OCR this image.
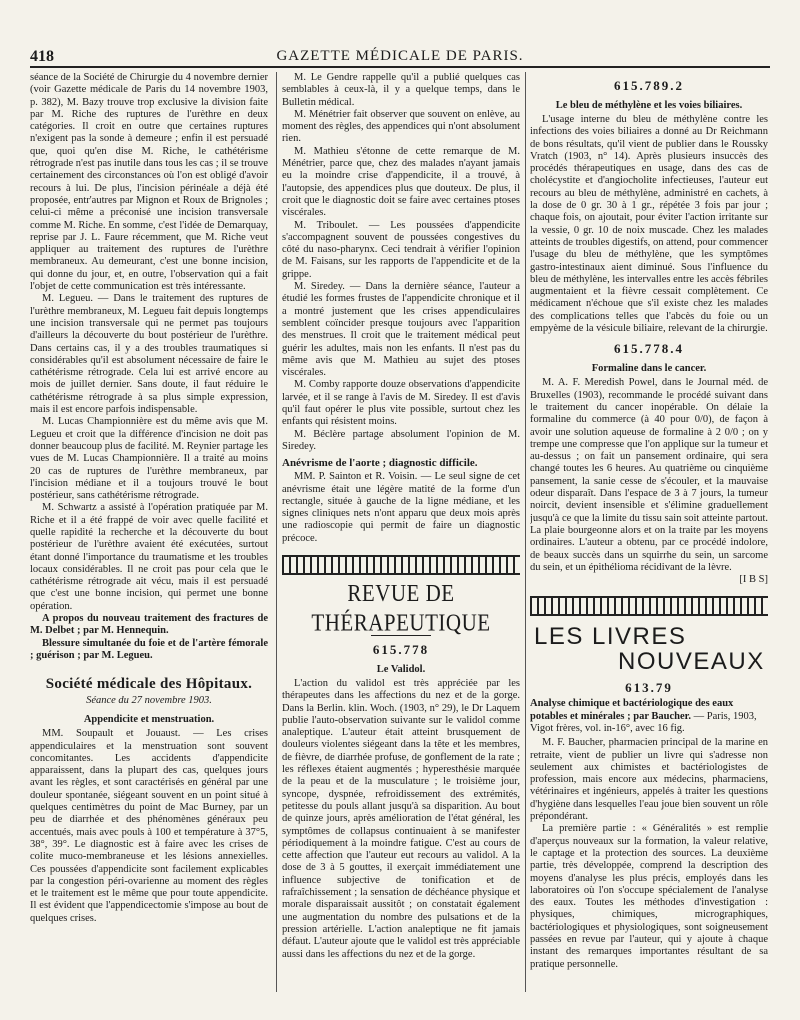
418	GAZETTE MÉDICALE DE PARIS.

séance de la Société de Chirurgie du 4 novembre dernier (voir Gazette médicale de Paris du 14 novembre 1903, p. 382), M. Bazy trouve trop exclusive la division faite par M. Riche des ruptures de l'urèthre en deux catégories. Il croit en outre que certaines ruptures n'exigent pas la sonde à demeure ; enfin il est persuadé que, quoi qu'en dise M. Riche, le cathétérisme rétrograde n'est pas inutile dans tous les cas ; il se trouve certainement des circonstances où l'on est obligé d'avoir recours à lui. De plus, l'incision périnéale a déjà été proposée, entr'autres par Mignon et Roux de Brignoles ; celui-ci même a préconisé une incision transversale comme M. Riche. En somme, c'est l'idée de Demarquay, reprise par J. L. Faure récemment, que M. Riche veut appliquer au traitement des ruptures de l'urèthre membraneux. Au demeurant, c'est une bonne incision, qui donne du jour, et, en outre, l'observation qui a fait l'objet de cette communication est très intéressante.

M. Legueu. — Dans le traitement des ruptures de l'urèthre membraneux, M. Legueu fait depuis longtemps une incision transversale qui ne permet pas toujours d'ailleurs la découverte du bout postérieur de l'urèthre. Dans certains cas, il y a des troubles traumatiques si considérables qu'il est absolument nécessaire de faire le cathétérisme rétrograde. Cela lui est arrivé encore au mois de juillet dernier. Sans doute, il faut réduire le cathétérisme rétrograde à sa plus simple expression, mais il est encore parfois indispensable.

M. Lucas Championnière est du même avis que M. Legueu et croit que la différence d'incision ne doit pas donner beaucoup plus de facilité. M. Reynier partage les vues de M. Lucas Championnière. Il a traité au moins 20 cas de ruptures de l'urèthre membraneux, par l'incision médiane et il a toujours trouvé le bout postérieur, sans cathétérisme rétrograde.

M. Schwartz a assisté à l'opération pratiquée par M. Riche et il a été frappé de voir avec quelle facilité et quelle rapidité la recherche et la découverte du bout postérieur de l'urèthre avaient été exécutées, surtout étant donné l'importance du traumatisme et les troubles locaux considérables. Il ne croit pas pour cela que le cathétérisme rétrograde ait vécu, mais il est persuadé que c'est une bonne incision, qui permet une bonne opération.

A propos du nouveau traitement des fractures de M. Delbet ; par M. Hennequin.

Blessure simultanée du foie et de l'artère fémorale ; guérison ; par M. Legueu.

Société médicale des Hôpitaux.
Séance du 27 novembre 1903.
Appendicite et menstruation.

MM. Soupault et Jouaust. — Les crises appendiculaires et la menstruation sont souvent concomitantes. Les accidents d'appendicite apparaissent, dans la plupart des cas, quelques jours avant les règles, et sont caractérisés en général par une douleur spontanée, siégeant souvent en un point situé à quelques centimètres du point de Mac Burney, par un peu de diarrhée et des phénomènes généraux peu accentués, mais avec pouls à 100 et température à 37°5, 38°, 39°. Le diagnostic est à faire avec les crises de colite muco-membraneuse et les lésions annexielles. Ces poussées d'appendicite sont facilement explicables par la congestion péri-ovarienne au moment des règles et le traitement est le même que pour toute appendicite. Il est évident que l'appendicectomie s'impose au bout de quelques crises.

M. Le Gendre rappelle qu'il a publié quelques cas semblables à ceux-là, il y a quelque temps, dans le Bulletin médical.

M. Ménétrier fait observer que souvent on enlève, au moment des règles, des appendices qui n'ont absolument rien.

M. Mathieu s'étonne de cette remarque de M. Ménétrier, parce que, chez des malades n'ayant jamais eu la moindre crise d'appendicite, il a trouvé, à l'autopsie, des appendices plus que douteux. De plus, il croit que le diagnostic doit se faire avec certaines ptoses viscérales.

M. Triboulet. — Les poussées d'appendicite s'accompagnent souvent de poussées congestives du côté du naso-pharynx. Ceci tendrait à vérifier l'opinion de M. Faisans, sur les rapports de l'appendicite et de la grippe.

M. Siredey. — Dans la dernière séance, l'auteur a étudié les formes frustes de l'appendicite chronique et il a montré justement que les crises appendiculaires semblent coïncider presque toujours avec l'apparition des menstrues. Il croit que le traitement médical peut guérir les adultes, mais non les enfants. Il n'est pas du même avis que M. Mathieu au sujet des ptoses viscérales.

M. Comby rapporte douze observations d'appendicite larvée, et il se range à l'avis de M. Siredey. Il est d'avis qu'il faut opérer le plus vite possible, surtout chez les enfants qui résistent moins.

M. Béclère partage absolument l'opinion de M. Siredey.

Anévrisme de l'aorte ; diagnostic difficile.

MM. P. Sainton et R. Voisin. — Le seul signe de cet anévrisme était une légère matité de la forme d'un rectangle, située à gauche de la ligne médiane, et les signes cliniques nets n'ont apparu que deux mois après une radioscopie qui permit de faire un diagnostic précoce.

REVUE DE THÉRAPEUTIQUE
615.778
Le Validol.

L'action du validol est très appréciée par les thérapeutes dans les affections du nez et de la gorge. Dans la Berlin. klin. Woch. (1903, n° 29), le Dr Laquem publie l'auto-observation suivante sur le validol comme analeptique. L'auteur était atteint brusquement de douleurs violentes siégeant dans la tête et les membres, de fièvre, de diarrhée profuse, de gonflement de la rate ; les réflexes étaient augmentés ; hyperesthésie marquée de la peau et de la musculature ; le troisième jour, syncope, dyspnée, refroidissement des extrémités, petitesse du pouls allant jusqu'à sa disparition. Au bout de quinze jours, après amélioration de l'état général, les symptômes de collapsus continuaient à se manifester périodiquement à la moindre fatigue. C'est au cours de cette affection que l'auteur eut recours au validol. A la dose de 3 à 5 gouttes, il exerçait immédiatement une influence subjective de tonification et de rafraîchissement ; la sensation de déchéance physique et morale disparaissait aussitôt ; on constatait également une augmentation du nombre des pulsations et de la pression artérielle. L'action analeptique ne fit jamais défaut. L'auteur ajoute que le validol est très appréciable aussi dans les affections du nez et de la gorge.

615.789.2
Le bleu de méthylène et les voies biliaires.

L'usage interne du bleu de méthylène contre les infections des voies biliaires a donné au Dr Reichmann de bons résultats, qu'il vient de publier dans le Roussky Vratch (1903, n° 14). Après plusieurs insuccès des procédés thérapeutiques en usage, dans des cas de cholécystite et d'angiocholite infectieuses, l'auteur eut recours au bleu de méthylène, administré en cachets, à la dose de 0 gr. 30 à 1 gr., répétée 3 fois par jour ; chaque fois, on ajoutait, pour éviter l'action irritante sur la vessie, 0 gr. 10 de noix muscade. Chez les malades atteints de troubles digestifs, on attend, pour commencer l'usage du bleu de méthylène, que les symptômes gastro-intestinaux aient diminué. Sous l'influence du bleu de méthylène, les intervalles entre les accès fébriles augmentaient et la fièvre cessait complètement. Ce médicament n'échoue que s'il existe chez les malades des complications telles que l'abcès du foie ou un empyème de la vésicule biliaire, relevant de la chirurgie.

615.778.4
Formaline dans le cancer.

M. A. F. Meredish Powel, dans le Journal méd. de Bruxelles (1903), recommande le procédé suivant dans le traitement du cancer inopérable. On délaie la formaline du commerce (à 40 pour 0/0), de façon à avoir une solution aqueuse de formaline à 2 0/0 ; on y trempe une compresse que l'on applique sur la tumeur et au-dessus ; on fait un pansement ordinaire, qui sera changé toutes les 6 heures. Au quatrième ou cinquième pansement, la sanie cesse de s'écouler, et la mauvaise odeur disparaît. Dans l'espace de 3 à 7 jours, la tumeur noircit, devient insensible et s'élimine graduellement jusqu'à ce que la limite du tissu sain soit atteinte partout. La plaie bourgeonne alors et on la traite par les moyens ordinaires. L'auteur a obtenu, par ce procédé indolore, de beaux succès dans un squirrhe du sein, un sarcome du sein, et un épithélioma récidivant de la lèvre.

[I B S]

LES LIVRES
NOUVEAUX
613.79
Analyse chimique et bactériologique des eaux potables et minérales ; par Baucher. — Paris, 1903, Vigot frères, vol. in-16°, avec 16 fig.

M. F. Baucher, pharmacien principal de la marine en retraite, vient de publier un livre qui s'adresse non seulement aux chimistes et bactériologistes de profession, mais encore aux médecins, pharmaciens, vétérinaires et ingénieurs, appelés à traiter les questions d'hygiène dans lesquelles l'eau joue bien souvent un rôle prépondérant.

La première partie : « Généralités » est remplie d'aperçus nouveaux sur la formation, la valeur relative, le captage et la protection des sources. La deuxième partie, très développée, comprend la description des moyens d'analyse les plus précis, employés dans les laboratoires où l'on s'occupe spécialement de l'analyse des eaux. Toutes les méthodes d'investigation : physiques, chimiques, micrographiques, bactériologiques et physiologiques, sont soigneusement passées en revue par l'auteur, qui y ajoute à chaque instant des remarques importantes résultant de sa pratique personnelle.
